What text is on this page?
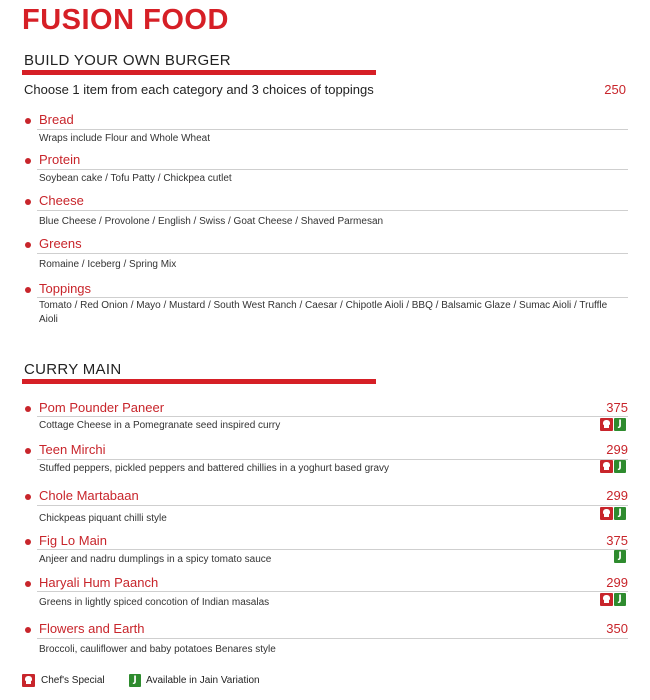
FUSION FOOD
BUILD YOUR OWN BURGER
Choose 1 item from each category and 3 choices of toppings	250
Bread
Wraps include Flour and Whole Wheat
Protein
Soybean cake / Tofu Patty / Chickpea cutlet
Cheese
Blue Cheese / Provolone / English / Swiss / Goat Cheese / Shaved Parmesan
Greens
Romaine / Iceberg / Spring Mix
Toppings
Tomato / Red Onion / Mayo / Mustard / South West Ranch / Caesar / Chipotle Aioli / BBQ / Balsamic Glaze / Sumac Aioli / Truffle Aioli
CURRY MAIN
Pom Pounder Paneer	375
Cottage Cheese in a Pomegranate seed inspired curry	J
Teen Mirchi	299
Stuffed peppers, pickled peppers and battered chillies in a yoghurt based gravy	J
Chole Martabaan	299
Chickpeas piquant chilli style	J
Fig Lo Main	375
Anjeer and nadru dumplings in a spicy tomato sauce	J
Haryali Hum Paanch	299
Greens in lightly spiced concotion of Indian masalas	J
Flowers and Earth	350
Broccoli, cauliflower and baby potatoes Benares style
Chef's Special	J Available in Jain Variation
